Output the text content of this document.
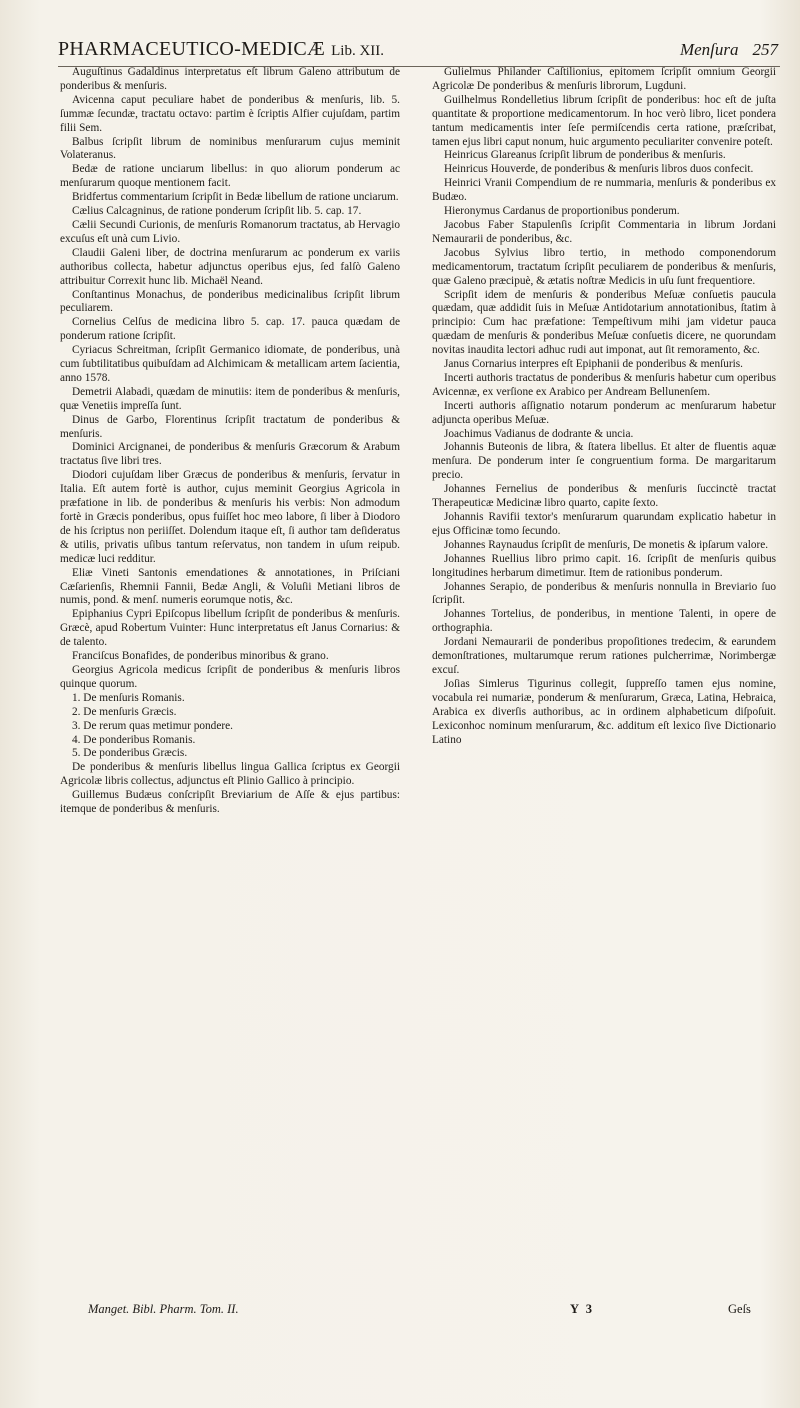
PHARMACEUTICO-MEDICÆ Lib. XII.	Menſura 257

Auguſtinus Gadaldinus interpretatus eſt librum Galeno attributum de ponderibus & menſuris.

Avicenna caput peculiare habet de ponderibus & menſuris, lib. 5. ſummæ ſecundæ, tractatu octavo: partim è ſcriptis Alfier cujuſdam, partim filii Sem.

Balbus ſcripſit librum de nominibus menſurarum cujus meminit Volateranus.

Bedæ de ratione unciarum libellus: in quo aliorum ponderum ac menſurarum quoque mentionem facit.

Bridfertus commentarium ſcripſit in Bedæ libellum de ratione unciarum.

Cælius Calcagninus, de ratione ponderum ſcripſit lib. 5. cap. 17.

Cælii Secundi Curionis, de menſuris Romanorum tractatus, ab Hervagio excuſus eſt unà cum Livio.

Claudii Galeni liber, de doctrina menſurarum ac ponderum ex variis authoribus collecta, habetur adjunctus operibus ejus, ſed falſò Galeno attribuitur Correxit hunc lib. Michaël Neand.

Conſtantinus Monachus, de ponderibus medicinalibus ſcripſit librum peculiarem.

Cornelius Celſus de medicina libro 5. cap. 17. pauca quædam de ponderum ratione ſcripſit.

Cyriacus Schreitman, ſcripſit Germanico idiomate, de ponderibus, unà cum ſubtilitatibus quibuſdam ad Alchimicam & metallicam artem ſacientia, anno 1578.

Demetrii Alabadi, quædam de minutiis: item de ponderibus & menſuris, quæ Venetiis impreſſa ſunt.

Dinus de Garbo, Florentinus ſcripſit tractatum de ponderibus & menſuris.

Dominici Arcignanei, de ponderibus & menſuris Græcorum & Arabum tractatus ſive libri tres.

Diodori cujuſdam liber Græcus de ponderibus & menſuris, ſervatur in Italia. Eſt autem fortè is author, cujus meminit Georgius Agricola in præfatione in lib. de ponderibus & menſuris his verbis: Non admodum fortè in Græcis ponderibus, opus fuiſſet hoc meo labore, ſi liber à Diodoro de his ſcriptus non periiſſet. Dolendum itaque eſt, ſi author tam deſideratus & utilis, privatis uſibus tantum reſervatus, non tandem in uſum reipub. medicæ luci redditur.

Eliæ Vineti Santonis emendationes & annotationes, in Priſciani Cæſarienſis, Rhemnii Fannii, Bedæ Angli, & Voluſii Metiani libros de numis, pond. & menſ. numeris eorumque notis, &c.

Epiphanius Cypri Epiſcopus libellum ſcripſit de ponderibus & menſuris. Græcè, apud Robertum Vuinter: Hunc interpretatus eſt Janus Cornarius: & de talento.

Franciſcus Bonafides, de ponderibus minoribus & grano.

Georgius Agricola medicus ſcripſit de ponderibus & menſuris libros quinque quorum.

1. De menſuris Romanis.
2. De menſuris Græcis.
3. De rerum quas metimur pondere.
4. De ponderibus Romanis.
5. De ponderibus Græcis.

De ponderibus & menſuris libellus lingua Gallica ſcriptus ex Georgii Agricolæ libris collectus, adjunctus eſt Plinio Gallico à principio.

Guillemus Budæus conſcripſit Breviarium de Aſſe & ejus partibus: itemque de ponderibus & menſuris.

Gulielmus Philander Caſtilionius, epitomem ſcripſit omnium Georgii Agricolæ De ponderibus & menſuris librorum, Lugduni.

Guilhelmus Rondelletius librum ſcripſit de ponderibus: hoc eſt de juſta quantitate & proportione medicamentorum. In hoc verò libro, licet pondera tantum medicamentis inter ſeſe permiſcendis certa ratione, præſcribat, tamen ejus libri caput nonum, huic argumento peculiariter convenire poteſt.

Heinricus Glareanus ſcripſit librum de ponderibus & menſuris.

Heinricus Houverde, de ponderibus & menſuris libros duos confecit.

Heinrici Vranii Compendium de re nummaria, menſuris & ponderibus ex Budæo.

Hieronymus Cardanus de proportionibus ponderum.

Jacobus Faber Stapulenſis ſcripſit Commentaria in librum Jordani Nemaurarii de ponderibus, &c.

Jacobus Sylvius libro tertio, in methodo componendorum medicamentorum, tractatum ſcripſit peculiarem de ponderibus & menſuris, quæ Galeno præcipuè, & ætatis noſtræ Medicis in uſu ſunt frequentiore.

Scripſit idem de menſuris & ponderibus Meſuæ conſuetis paucula quædam, quæ addidit ſuis in Meſuæ Antidotarium annotationibus, ſtatim à principio: Cum hac præfatione: Tempeſtivum mihi jam videtur pauca quædam de menſuris & ponderibus Meſuæ conſuetis dicere, ne quorundam novitas inaudita lectori adhuc rudi aut imponat, aut ſit remoramento, &c.

Janus Cornarius interpres eſt Epiphanii de ponderibus & menſuris.

Incerti authoris tractatus de ponderibus & menſuris habetur cum operibus Avicennæ, ex verſione ex Arabico per Andream Bellunenſem.

Incerti authoris aſſignatio notarum ponderum ac menſurarum habetur adjuncta operibus Meſuæ.

Joachimus Vadianus de dodrante & uncia.

Johannis Buteonis de libra, & ſtatera libellus. Et alter de fluentis aquæ menſura. De ponderum inter ſe congruentium forma. De margaritarum precio.

Johannes Fernelius de ponderibus & menſuris ſuccinctè tractat Therapeuticæ Medicinæ libro quarto, capite ſexto.

Johannis Ravifii textor's menſurarum quarundam explicatio habetur in ejus Officinæ tomo ſecundo.

Johannes Raynaudus ſcripſit de menſuris, De monetis & ipſarum valore.

Johannes Ruellius libro primo capit. 16. ſcripſit de menſuris quibus longitudines herbarum dimetimur. Item de rationibus ponderum.

Johannes Serapio, de ponderibus & menſuris nonnulla in Breviario ſuo ſcripſit.

Johannes Tortelius, de ponderibus, in mentione Talenti, in opere de orthographia.

Jordani Nemaurarii de ponderibus propoſitiones tredecim, & earundem demonſtrationes, multarumque rerum rationes pulcherrimæ, Norimbergæ excuſ.

Joſias Simlerus Tigurinus collegit, ſuppreſſo tamen ejus nomine, vocabula rei numariæ, ponderum & menſurarum, Græca, Latina, Hebraica, Arabica ex diverſis authoribus, ac in ordinem alphabeticum diſpoſuit. Lexiconhoc nominum menſurarum, &c. additum eſt lexico ſive Dictionario Latino

Manget. Bibl. Pharm. Tom. II.	Y 3	Geſs
